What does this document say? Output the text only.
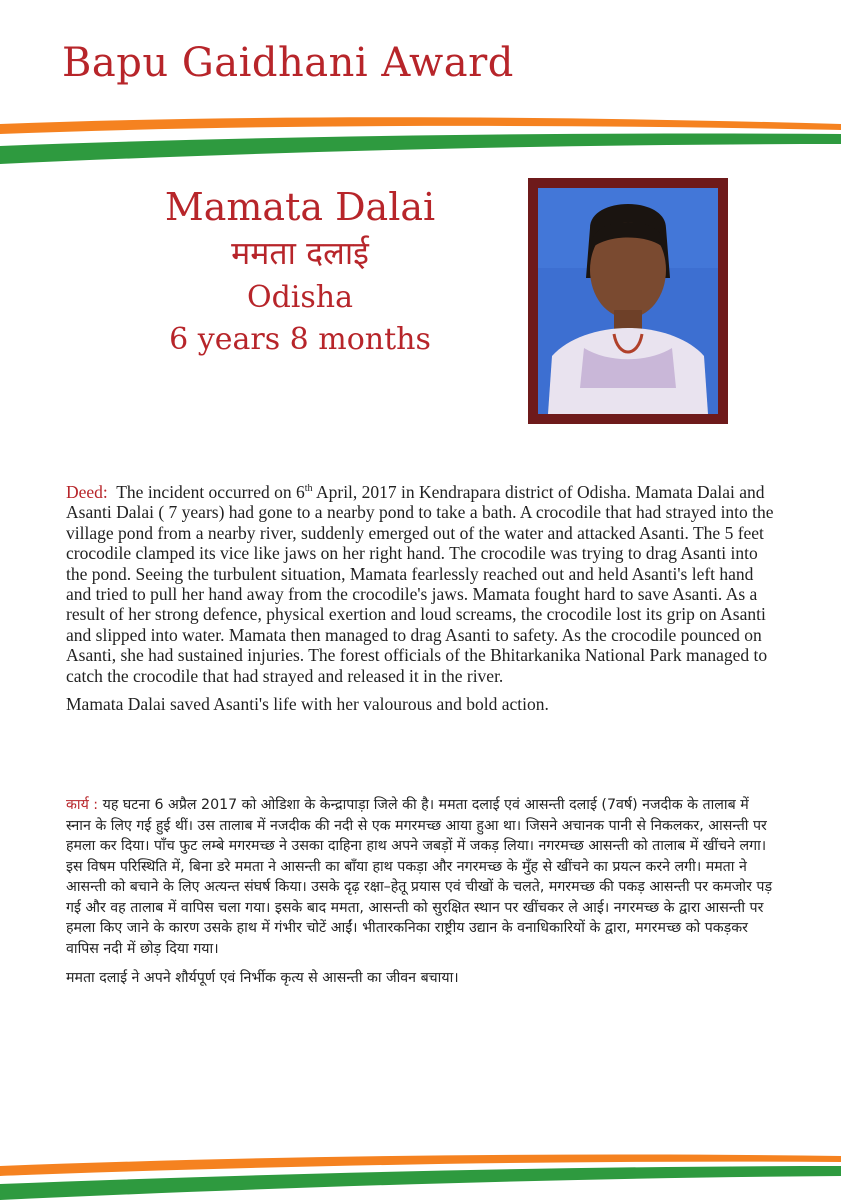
Bapu Gaidhani Award
Mamata Dalai
ममता दलाई
Odisha
6 years 8 months

Deed: The incident occurred on 6th April, 2017 in Kendrapara district of Odisha. Mamata Dalai and Asanti Dalai ( 7 years) had gone to a nearby pond to take a bath. A crocodile that had strayed into the village pond from a nearby river, suddenly emerged out of the water and attacked Asanti. The 5 feet crocodile clamped its vice like jaws on her right hand. The crocodile was trying to drag Asanti into the pond. Seeing the turbulent situation, Mamata fearlessly reached out and held Asanti's left hand and tried to pull her hand away from the crocodile's jaws. Mamata fought hard to save Asanti. As a result of her strong defence, physical exertion and loud screams, the crocodile lost its grip on Asanti and slipped into water. Mamata then managed to drag Asanti to safety. As the crocodile pounced on Asanti, she had sustained injuries. The forest officials of the Bhitarkanika National Park managed to catch the crocodile that had strayed and released it in the river.

Mamata Dalai saved Asanti's life with her valourous and bold action.

कार्य : यह घटना 6 अप्रैल 2017 को ओडिशा के केन्द्रापाड़ा जिले की है। ममता दलाई एवं आसन्ती दलाई (7वर्ष) नजदीक के तालाब में स्नान के लिए गई हुई थीं। उस तालाब में नजदीक की नदी से एक मगरमच्छ आया हुआ था। जिसने अचानक पानी से निकलकर, आसन्ती पर हमला कर दिया। पाँच फुट लम्बे मगरमच्छ ने उसका दाहिना हाथ अपने जबड़ों में जकड़ लिया। नगरमच्छ आसन्ती को तालाब में खींचने लगा। इस विषम परिस्थिति में, बिना डरे ममता ने आसन्ती का बाँया हाथ पकड़ा और नगरमच्छ के मुँह से खींचने का प्रयत्न करने लगी। ममता ने आसन्ती को बचाने के लिए अत्यन्त संघर्ष किया। उसके दृढ़ रक्षा–हेतू प्रयास एवं चीखों के चलते, मगरमच्छ की पकड़ आसन्ती पर कमजोर पड़ गई और वह तालाब में वापिस चला गया। इसके बाद ममता, आसन्ती को सुरक्षित स्थान पर खींचकर ले आई। नगरमच्छ के द्वारा आसन्ती पर हमला किए जाने के कारण उसके हाथ में गंभीर चोटें आईं। भीतारकनिका राष्ट्रीय उद्यान के वनाधिकारियों के द्वारा, मगरमच्छ को पकड़कर वापिस नदी में छोड़ दिया गया।

ममता दलाई ने अपने शौर्यपूर्ण एवं निर्भीक कृत्य से आसन्ती का जीवन बचाया।
